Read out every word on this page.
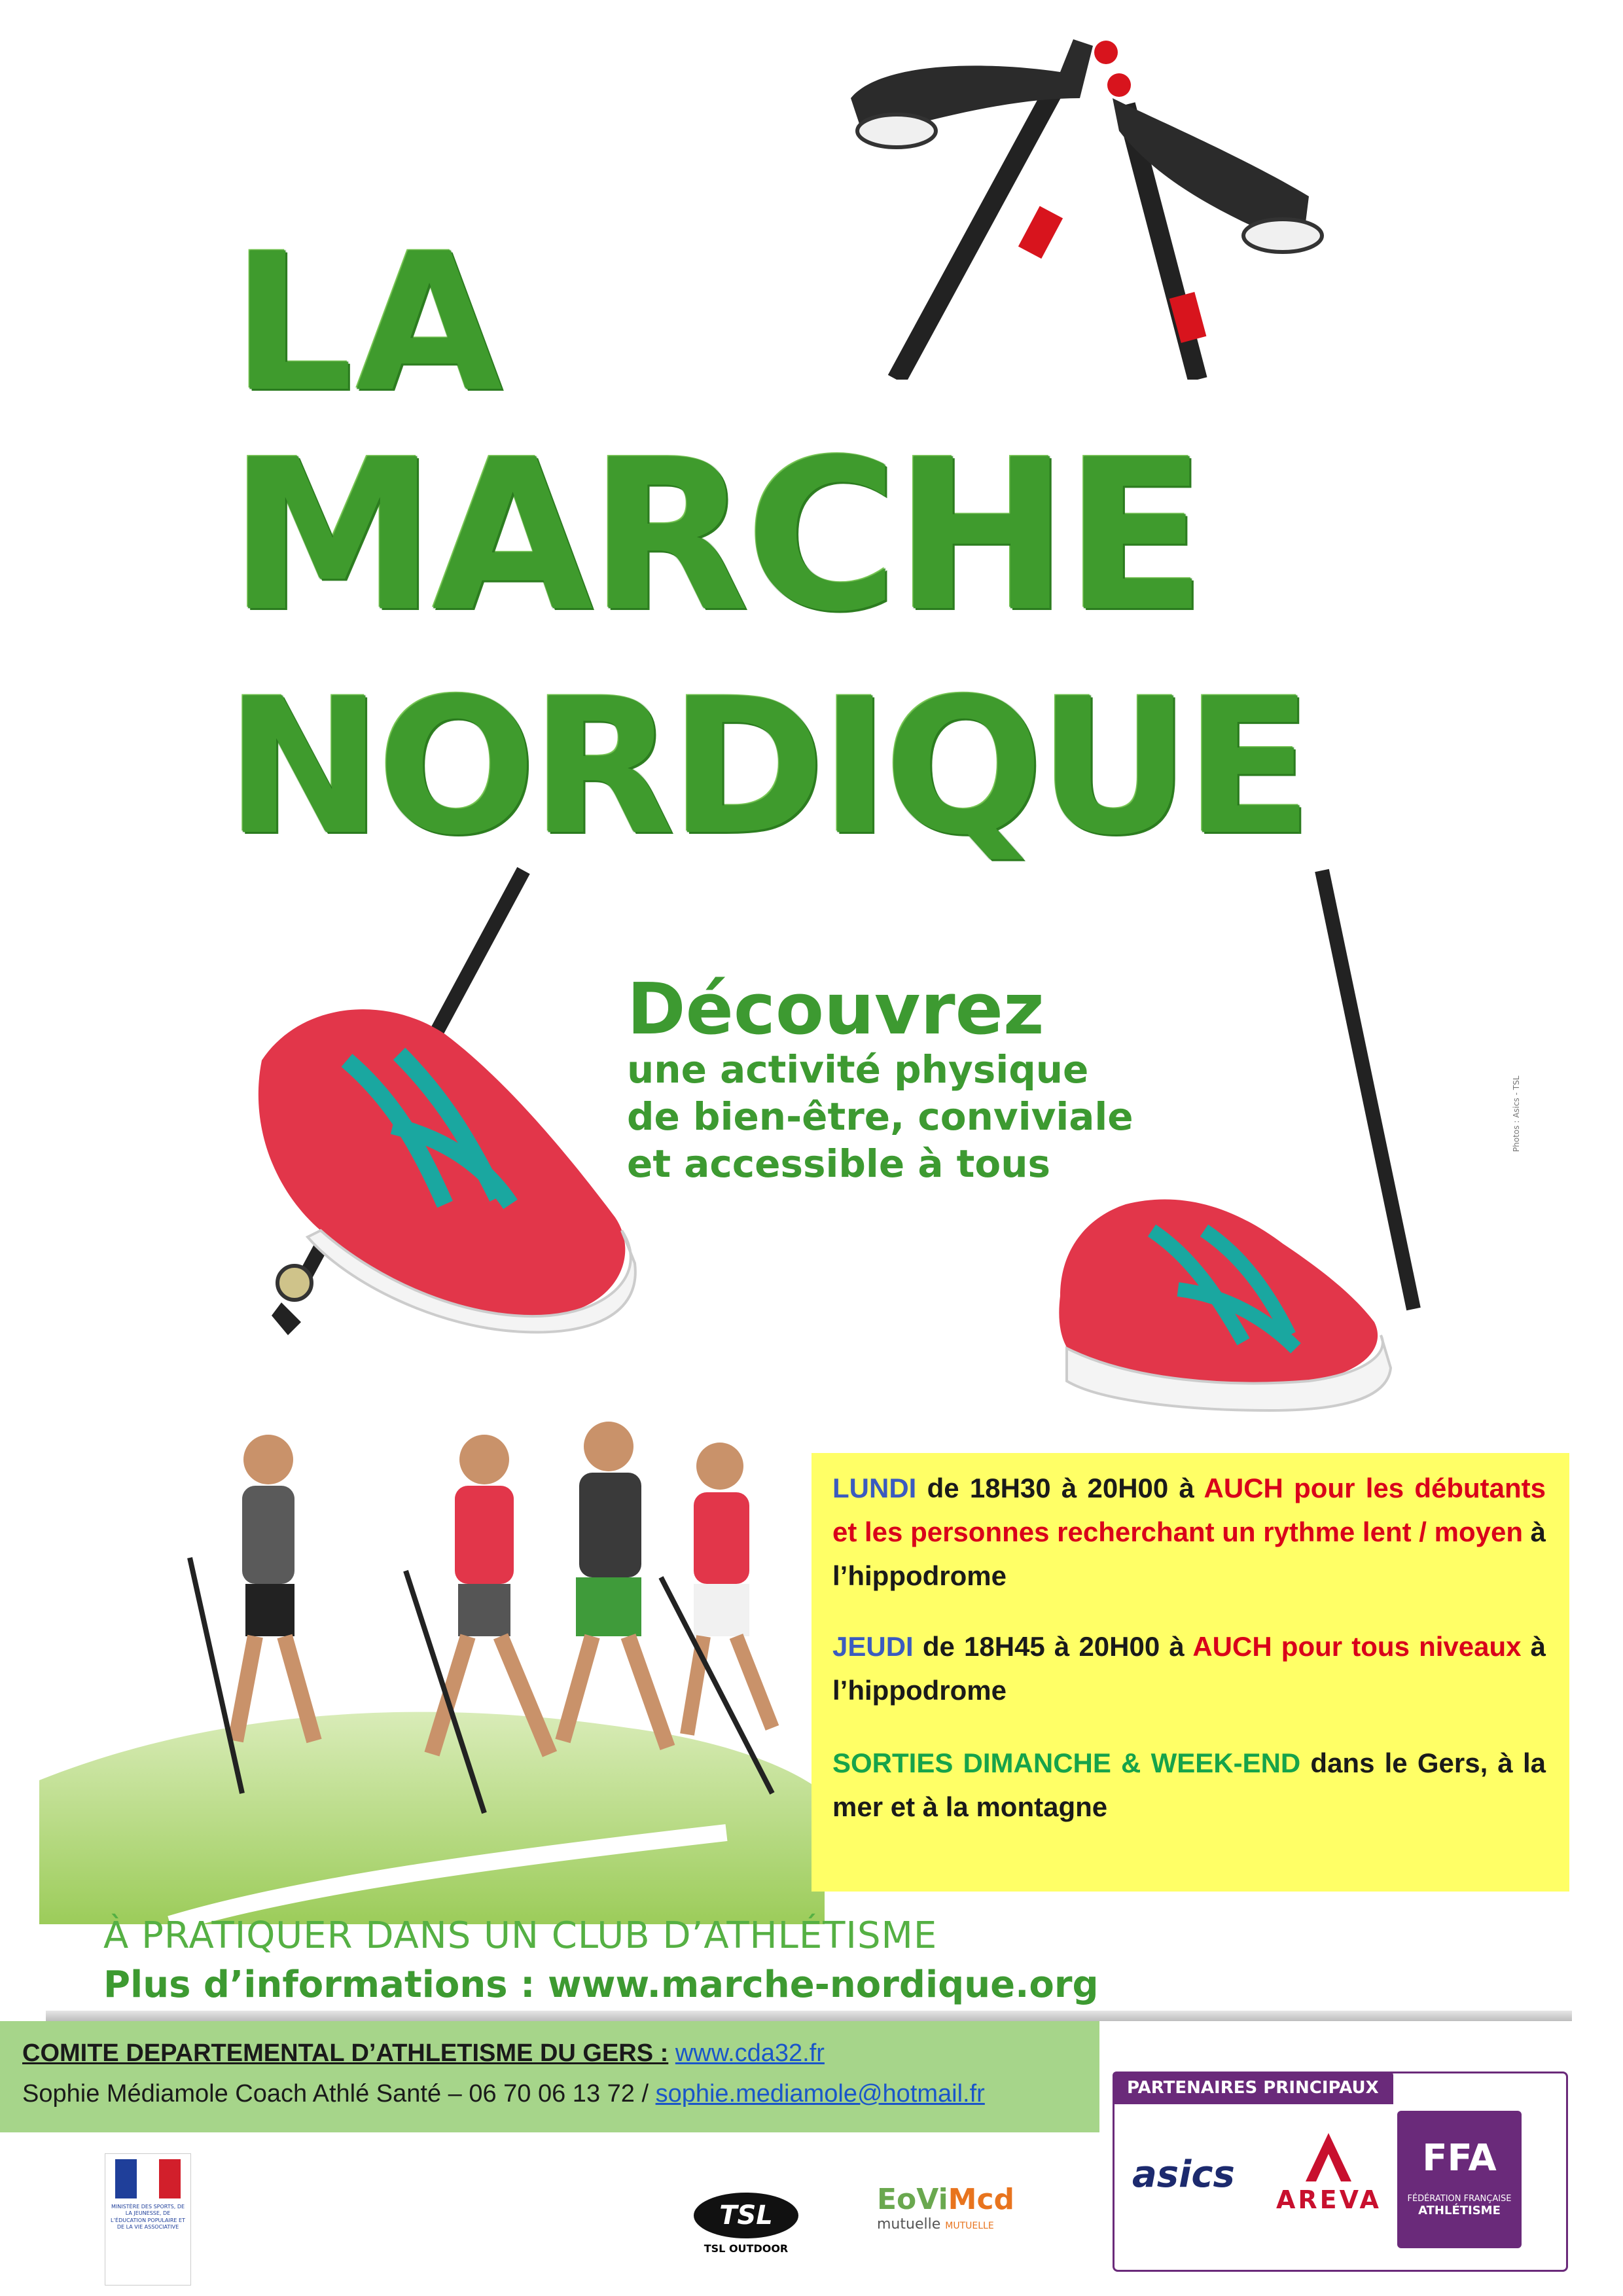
LA
MARCHE
NORDIQUE
Découvrez
une activité physique
de bien-être, conviviale
et accessible à tous
Photos : Asics - TSL

LUNDI de 18H30 à 20H00 à AUCH pour les débutants et les personnes recherchant un rythme lent / moyen à l’hippodrome

JEUDI de 18H45 à 20H00 à AUCH pour tous niveaux à l’hippodrome

SORTIES DIMANCHE & WEEK-END dans le Gers, à la mer et à la montagne

À PRATIQUER DANS UN CLUB D’ATHLÉTISME
Plus d’informations : www.marche-nordique.org
COMITE DEPARTEMENTAL D’ATHLETISME DU GERS : www.cda32.fr
Sophie Médiamole Coach Athlé Santé – 06 70 06 13 72 / sophie.mediamole@hotmail.fr	PARTENAIRES PRINCIPAUX
asics
AREVA
FFA
FÉDÉRATION FRANÇAISE
ATHLÉTISME
MINISTÈRE DES SPORTS, DE LA JEUNESSE, DE L’ÉDUCATION POPULAIRE ET DE LA VIE ASSOCIATIVE	TSL
TSL OUTDOOR
EoViMcd
mutuelle MUTUELLE
